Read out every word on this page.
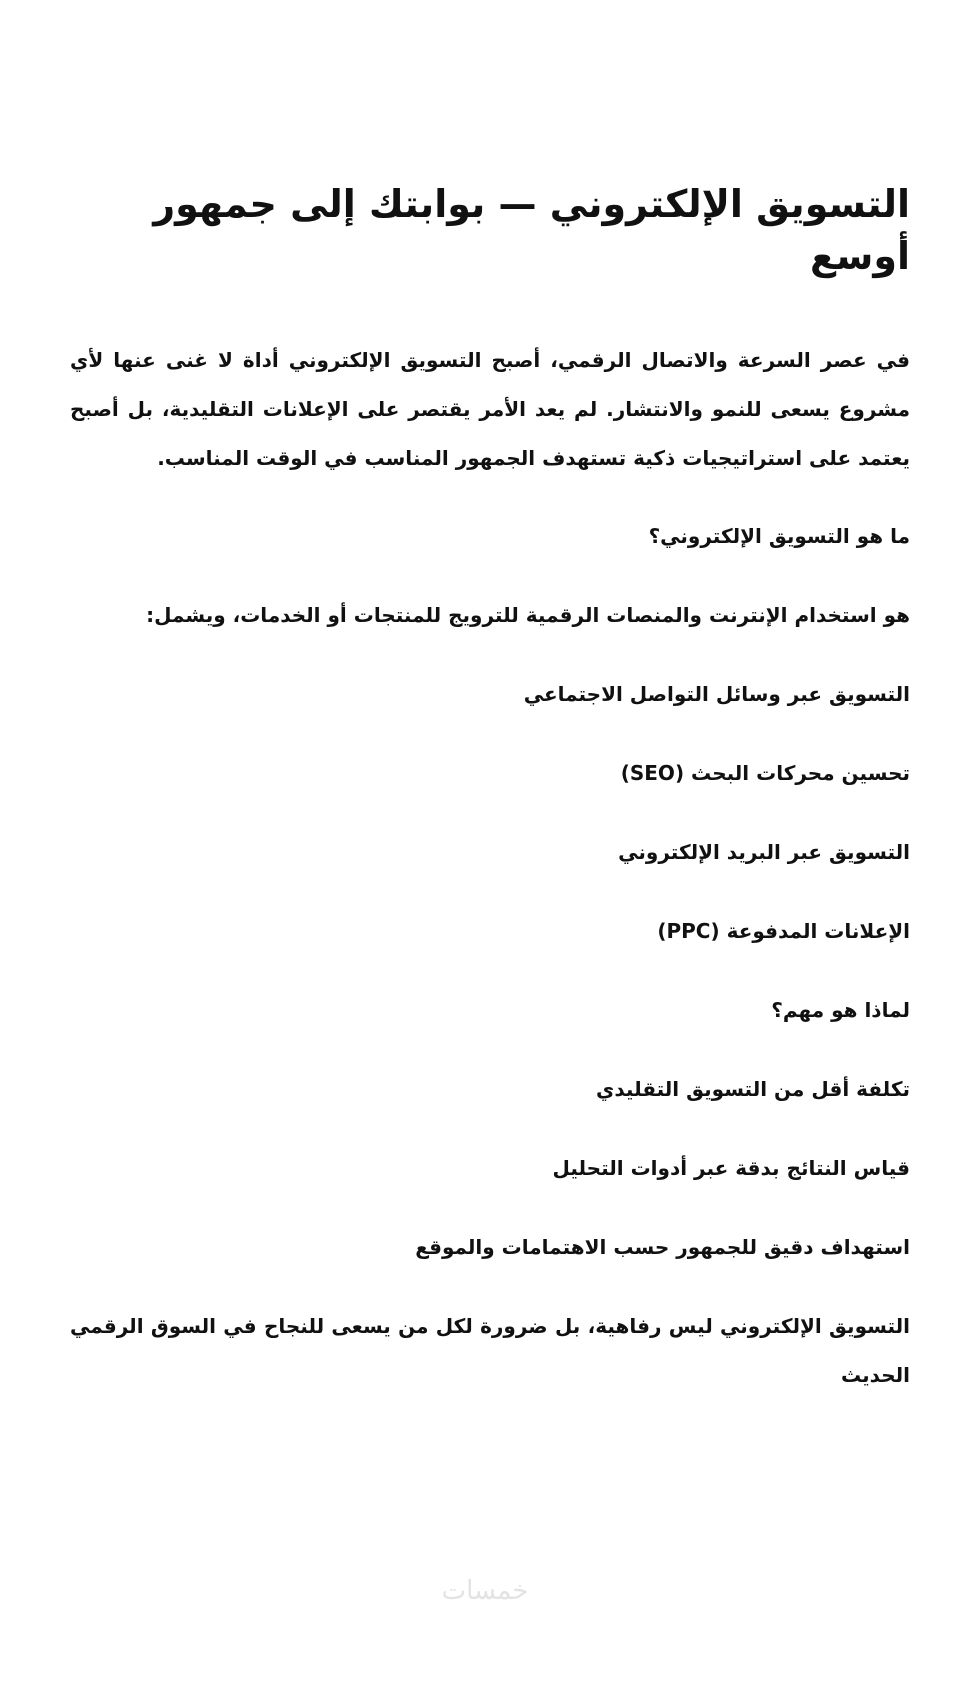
التسويق الإلكتروني — بوابتك إلى جمهور أوسع

في عصر السرعة والاتصال الرقمي، أصبح التسويق الإلكتروني أداة لا غنى عنها لأي مشروع يسعى للنمو والانتشار. لم يعد الأمر يقتصر على الإعلانات التقليدية، بل أصبح يعتمد على استراتيجيات ذكية تستهدف الجمهور المناسب في الوقت المناسب.

ما هو التسويق الإلكتروني؟

هو استخدام الإنترنت والمنصات الرقمية للترويج للمنتجات أو الخدمات، ويشمل:

التسويق عبر وسائل التواصل الاجتماعي

تحسين محركات البحث (SEO)

التسويق عبر البريد الإلكتروني

الإعلانات المدفوعة (PPC)

لماذا هو مهم؟

تكلفة أقل من التسويق التقليدي

قياس النتائج بدقة عبر أدوات التحليل

استهداف دقيق للجمهور حسب الاهتمامات والموقع

التسويق الإلكتروني ليس رفاهية، بل ضرورة لكل من يسعى للنجاح في السوق الرقمي الحديث

خمسات
